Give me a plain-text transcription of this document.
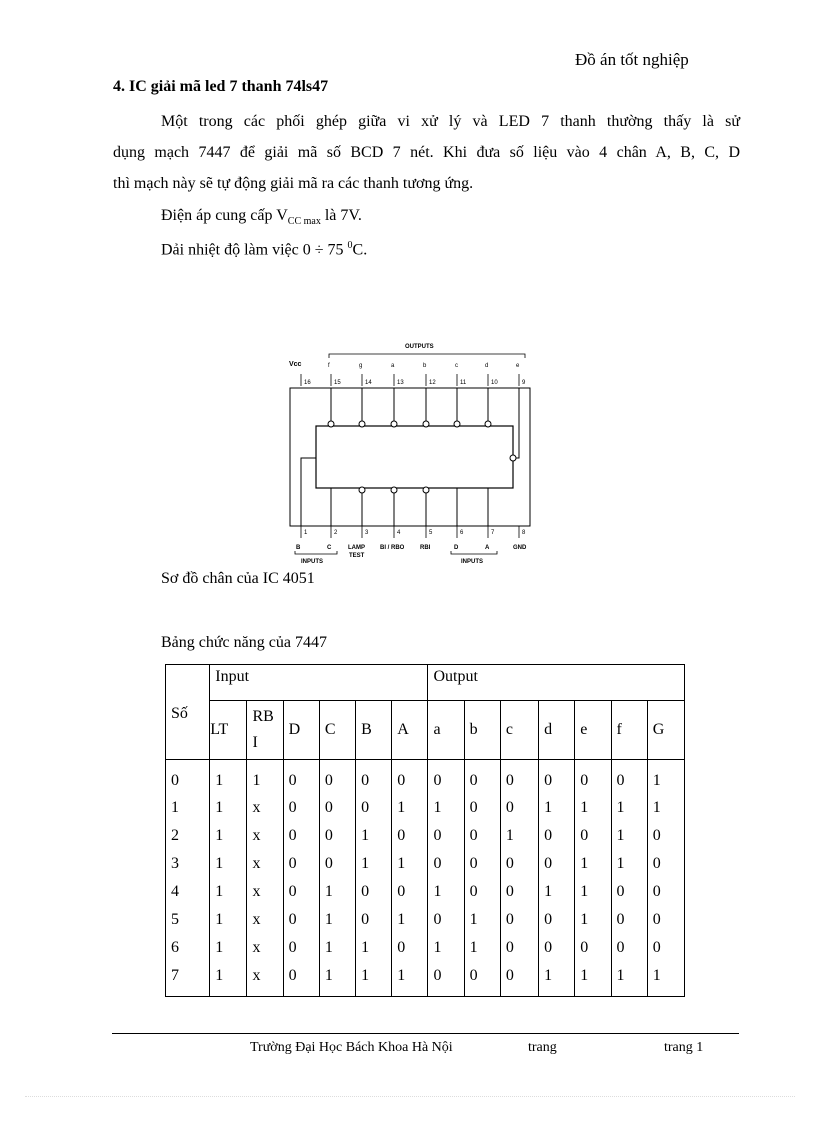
Đồ án tốt nghiệp
4. IC giải mã led 7 thanh 74ls47
Một trong các phối ghép giữa vi xử lý và LED 7 thanh thường thấy là sử
dụng mạch 7447 để giải mã số BCD 7 nét. Khi đưa số liệu vào 4 chân A, B, C, D
thì mạch này sẽ tự động giải mã ra các thanh tương ứng.
Điện áp cung cấp $V_{CC max}$ là 7V.
Dải nhiệt độ làm việc 0 ÷ 75 $^0$C.
OUTPUTS
Vcc	f	g	a	b	c	d	e
16	15	14	13	12	11	10	9
1	2	3	4	5	6	7	8
B	C	LAMP
TEST
BI / RBO	RBI	D	A	GND
INPUTS	INPUTS
Sơ đồ chân của IC 4051
Bảng chức năng của 7447
Số	Input						Output						
	LT	RB I	D	C	B	A	a	b	c	d	e	f	G
0	1	1	0	0	0	0	0	0	0	0	0	0	1
1	1	x	0	0	0	1	1	0	0	1	1	1	1
2	1	x	0	0	1	0	0	0	1	0	0	1	0
3	1	x	0	0	1	1	0	0	0	0	1	1	0
4	1	x	0	1	0	0	1	0	0	1	1	0	0
5	1	x	0	1	0	1	0	1	0	0	1	0	0
6	1	x	0	1	1	0	1	1	0	0	0	0	0
7	1	x	0	1	1	1	0	0	0	1	1	1	1
Trường Đại Học Bách Khoa Hà Nội	trang	trang 1
